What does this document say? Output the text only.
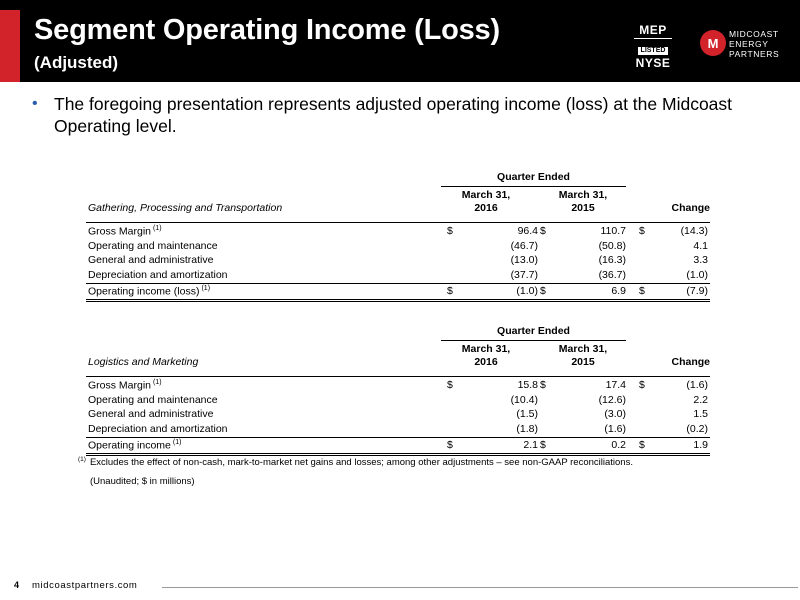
Segment Operating Income (Loss)
(Adjusted)
MEP
LISTED
NYSE
M
MIDCOAST
ENERGY
PARTNERS
• The foregoing presentation represents adjusted operating income (loss) at the Midcoast Operating level.
Quarter Ended
March 31,
2016
March 31,
2015	Change
Gathering, Processing and Transportation
Gross Margin $^{(1)}$	$	96.4 $	110.7 $	(14.3)
Operating and maintenance	(46.7)	(50.8)	4.1
General and administrative	(13.0)	(16.3)	3.3
Depreciation and amortization	(37.7)	(36.7)	(1.0)
Operating income (loss) $^{(1)}$	$	(1.0) $	6.9 $	(7.9)
Quarter Ended
March 31,
2016
March 31,
2015	Change
Logistics and Marketing
Gross Margin $^{(1)}$	$	15.8 $	17.4 $	(1.6)
Operating and maintenance	(10.4)	(12.6)	2.2
General and administrative	(1.5)	(3.0)	1.5
Depreciation and amortization	(1.8)	(1.6)	(0.2)
Operating income $^{(1)}$	$	2.1 $	0.2 $	1.9
$^{(1)}$ Excludes the effect of non-cash, mark-to-market net gains and losses; among other adjustments – see non-GAAP reconciliations.
(Unaudited; $ in millions)
4 midcoastpartners.com
